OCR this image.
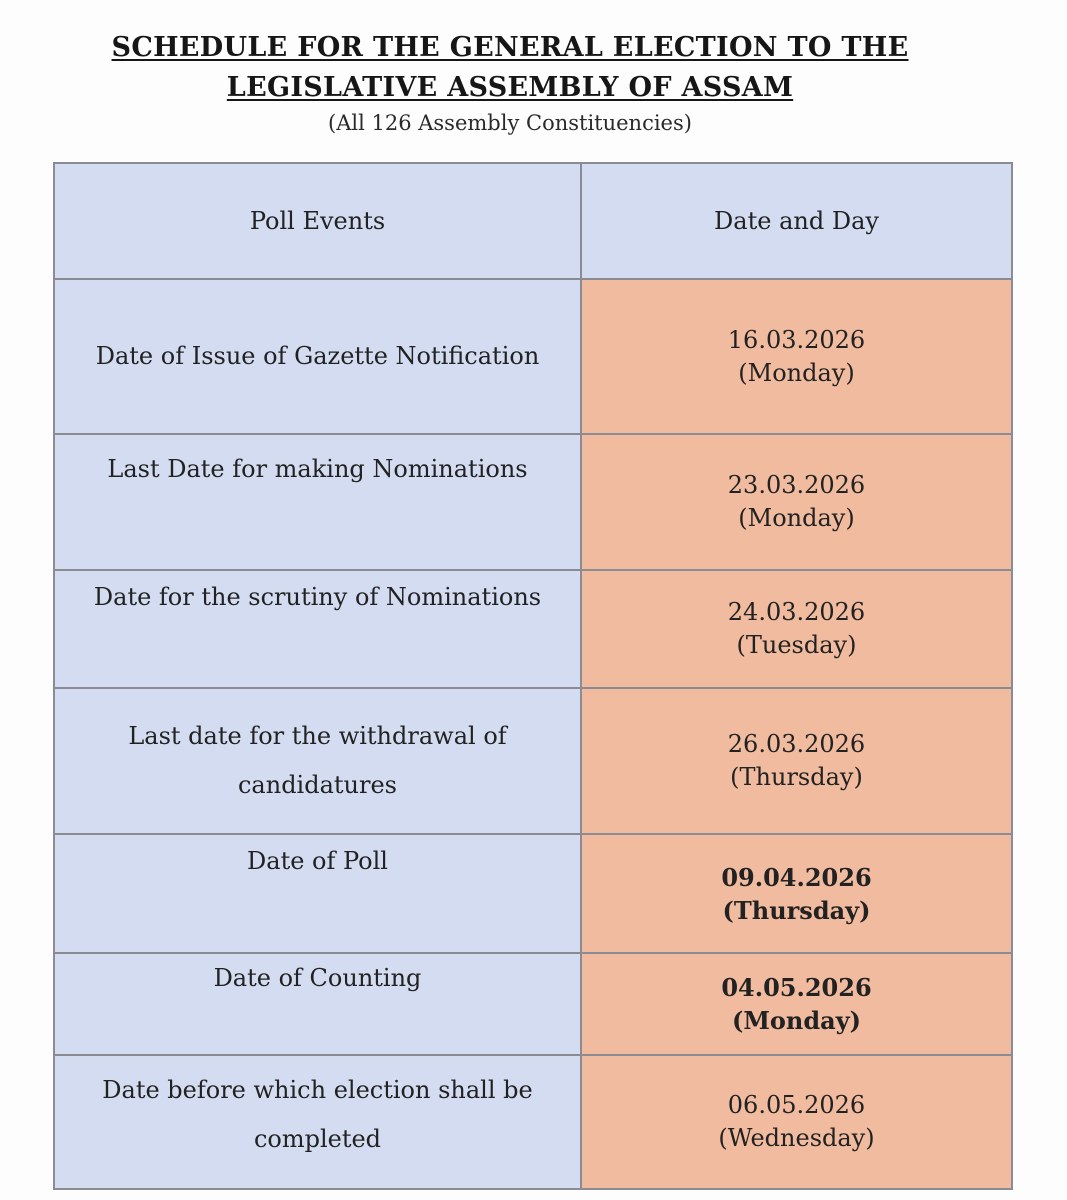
SCHEDULE FOR THE GENERAL ELECTION TO THE
LEGISLATIVE ASSEMBLY OF ASSAM
(All 126 Assembly Constituencies)
Poll Events	Date and Day
Date of Issue of Gazette Notification	16.03.2026
(Monday)

Last Date for making Nominations	23.03.2026
(Monday)

Date for the scrutiny of Nominations	24.03.2026
(Tuesday)

Last date for the withdrawal of candidatures	26.03.2026
(Thursday)

Date of Poll	09.04.2026
(Thursday)

Date of Counting	04.05.2026
(Monday)

Date before which election shall be completed	06.05.2026
(Wednesday)
